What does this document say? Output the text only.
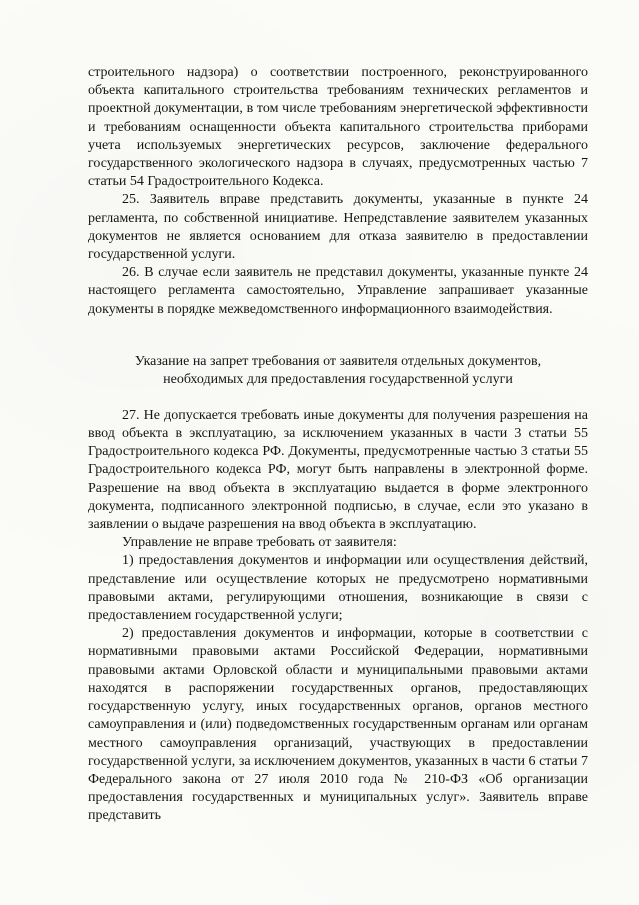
строительного надзора) о соответствии построенного, реконструированного объекта капитального строительства требованиям технических регламентов и проектной документации, в том числе требованиям энергетической эффективности и требованиям оснащенности объекта капитального строительства приборами учета используемых энергетических ресурсов, заключение федерального государственного экологического надзора в случаях, предусмотренных частью 7 статьи 54 Градостроительного Кодекса.

25. Заявитель вправе представить документы, указанные в пункте 24 регламента, по собственной инициативе. Непредставление заявителем указанных документов не является основанием для отказа заявителю в предоставлении государственной услуги.

26. В случае если заявитель не представил документы, указанные пункте 24 настоящего регламента самостоятельно, Управление запрашивает указанные документы в порядке межведомственного информационного взаимодействия.

Указание на запрет требования от заявителя отдельных документов,
необходимых для предоставления государственной услуги

27. Не допускается требовать иные документы для получения разрешения на ввод объекта в эксплуатацию, за исключением указанных в части 3 статьи 55 Градостроительного кодекса РФ. Документы, предусмотренные частью 3 статьи 55 Градостроительного кодекса РФ, могут быть направлены в электронной форме. Разрешение на ввод объекта в эксплуатацию выдается в форме электронного документа, подписанного электронной подписью, в случае, если это указано в заявлении о выдаче разрешения на ввод объекта в эксплуатацию.

Управление не вправе требовать от заявителя:

1) предоставления документов и информации или осуществления действий, представление или осуществление которых не предусмотрено нормативными правовыми актами, регулирующими отношения, возникающие в связи с предоставлением государственной услуги;

2) предоставления документов и информации, которые в соответствии с нормативными правовыми актами Российской Федерации, нормативными правовыми актами Орловской области и муниципальными правовыми актами находятся в распоряжении государственных органов, предоставляющих государственную услугу, иных государственных органов, органов местного самоуправления и (или) подведомственных государственным органам или органам местного самоуправления организаций, участвующих в предоставлении государственной услуги, за исключением документов, указанных в части 6 статьи 7 Федерального закона от 27 июля 2010 года № 210-ФЗ «Об организации предоставления государственных и муниципальных услуг». Заявитель вправе представить
